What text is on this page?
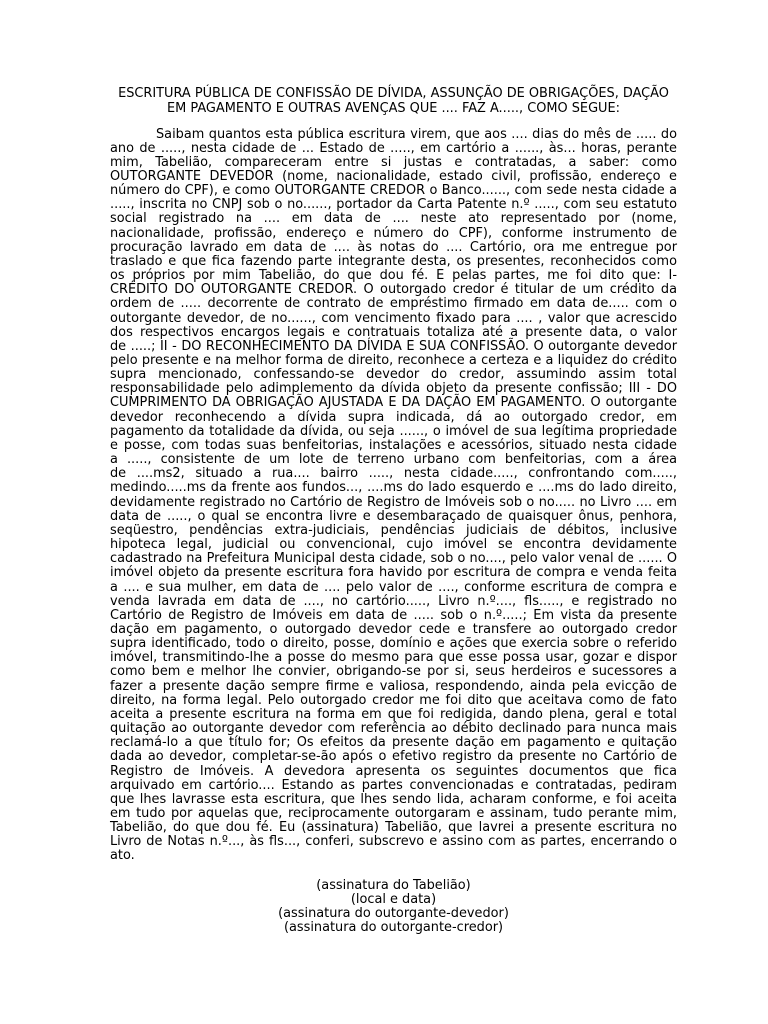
ESCRITURA PÚBLICA DE CONFISSÃO DE DÍVIDA, ASSUNÇÃO DE OBRIGAÇÕES, DAÇÃO
EM PAGAMENTO E OUTRAS AVENÇAS QUE .... FAZ A....., COMO SEGUE:
Saibam quantos esta pública escritura virem, que aos .... dias do mês de ..... do
ano de ....., nesta cidade de ... Estado de ....., em cartório a ......, às... horas, perante
mim, Tabelião, compareceram entre si justas e contratadas, a saber: como
OUTORGANTE DEVEDOR (nome, nacionalidade, estado civil, profissão, endereço e
número do CPF), e como OUTORGANTE CREDOR o Banco......, com sede nesta cidade a
....., inscrita no CNPJ sob o no......, portador da Carta Patente n.º ....., com seu estatuto
social registrado na .... em data de .... neste ato representado por (nome,
nacionalidade, profissão, endereço e número do CPF), conforme instrumento de
procuração lavrado em data de .... às notas do .... Cartório, ora me entregue por
traslado e que fica fazendo parte integrante desta, os presentes, reconhecidos como
os próprios por mim Tabelião, do que dou fé. E pelas partes, me foi dito que: I-
CRÉDITO DO OUTORGANTE CREDOR. O outorgado credor é titular de um crédito da
ordem de ..... decorrente de contrato de empréstimo firmado em data de..... com o
outorgante devedor, de no......, com vencimento fixado para .... , valor que acrescido
dos respectivos encargos legais e contratuais totaliza até a presente data, o valor
de .....; II - DO RECONHECIMENTO DA DÍVIDA E SUA CONFISSÃO. O outorgante devedor
pelo presente e na melhor forma de direito, reconhece a certeza e a liquidez do crédito
supra mencionado, confessando-se devedor do credor, assumindo assim total
responsabilidade pelo adimplemento da dívida objeto da presente confissão; III - DO
CUMPRIMENTO DA OBRIGAÇÃO AJUSTADA E DA DAÇÃO EM PAGAMENTO. O outorgante
devedor reconhecendo a dívida supra indicada, dá ao outorgado credor, em
pagamento da totalidade da dívida, ou seja ......, o imóvel de sua legítima propriedade
e posse, com todas suas benfeitorias, instalações e acessórios, situado nesta cidade
a ....., consistente de um lote de terreno urbano com benfeitorias, com a área
de ....ms2, situado a rua.... bairro ....., nesta cidade....., confrontando com.....,
medindo.....ms da frente aos fundos..., ....ms do lado esquerdo e ....ms do lado direito,
devidamente registrado no Cartório de Registro de Imóveis sob o no..... no Livro .... em
data de ....., o qual se encontra livre e desembaraçado de quaisquer ônus, penhora,
seqüestro, pendências extra-judiciais, pendências judiciais de débitos, inclusive
hipoteca legal, judicial ou convencional, cujo imóvel se encontra devidamente
cadastrado na Prefeitura Municipal desta cidade, sob o no...., pelo valor venal de ...... O
imóvel objeto da presente escritura fora havido por escritura de compra e venda feita
a .... e sua mulher, em data de .... pelo valor de ...., conforme escritura de compra e
venda lavrada em data de ...., no cartório....., Livro n.º...., fls....., e registrado no
Cartório de Registro de Imóveis em data de ..... sob o n.º.....; Em vista da presente
dação em pagamento, o outorgado devedor cede e transfere ao outorgado credor
supra identificado, todo o direito, posse, domínio e ações que exercia sobre o referido
imóvel, transmitindo-lhe a posse do mesmo para que esse possa usar, gozar e dispor
como bem e melhor lhe convier, obrigando-se por si, seus herdeiros e sucessores a
fazer a presente dação sempre firme e valiosa, respondendo, ainda pela evicção de
direito, na forma legal. Pelo outorgado credor me foi dito que aceitava como de fato
aceita a presente escritura na forma em que foi redigida, dando plena, geral e total
quitação ao outorgante devedor com referência ao débito declinado para nunca mais
reclamá-lo a que título for; Os efeitos da presente dação em pagamento e quitação
dada ao devedor, completar-se-ão após o efetivo registro da presente no Cartório de
Registro de Imóveis. A devedora apresenta os seguintes documentos que fica
arquivado em cartório.... Estando as partes convencionadas e contratadas, pediram
que lhes lavrasse esta escritura, que lhes sendo lida, acharam conforme, e foi aceita
em tudo por aquelas que, reciprocamente outorgaram e assinam, tudo perante mim,
Tabelião, do que dou fé. Eu (assinatura) Tabelião, que lavrei a presente escritura no
Livro de Notas n.º..., às fls..., conferi, subscrevo e assino com as partes, encerrando o
ato.
(assinatura do Tabelião)
(local e data)
(assinatura do outorgante-devedor)
(assinatura do outorgante-credor)
